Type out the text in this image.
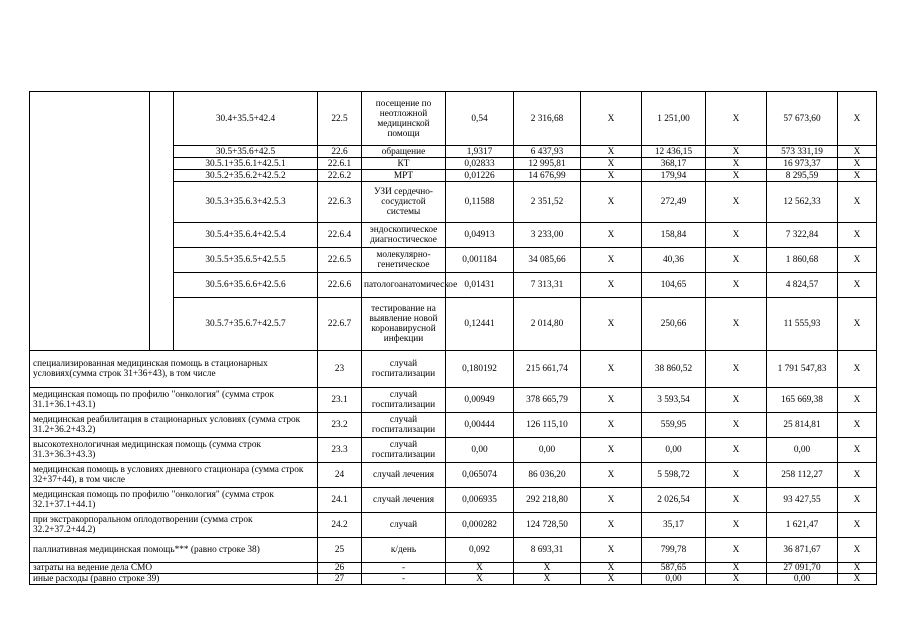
		30.4+35.5+42.4	22.5	посещение по неотложной медицинской помощи	0,54	2 316,68	X	1 251,00	X	57 673,60	X
		30.5+35.6+42.5	22.6	обращение	1,9317	6 437,93	X	12 436,15	X	573 331,19	X
		30.5.1+35.6.1+42.5.1	22.6.1	КТ	0,02833	12 995,81	X	368,17	X	16 973,37	X
		30.5.2+35.6.2+42.5.2	22.6.2	МРТ	0,01226	14 676,99	X	179,94	X	8 295,59	X
		30.5.3+35.6.3+42.5.3	22.6.3	УЗИ сердечно-сосудистой системы	0,11588	2 351,52	X	272,49	X	12 562,33	X
		30.5.4+35.6.4+42.5.4	22.6.4	эндоскопическое диагностическое	0,04913	3 233,00	X	158,84	X	7 322,84	X
		30.5.5+35.6.5+42.5.5	22.6.5	молекулярно-генетическое	0,001184	34 085,66	X	40,36	X	1 860,68	X
		30.5.6+35.6.6+42.5.6	22.6.6	патологоанатомическое	0,01431	7 313,31	X	104,65	X	4 824,57	X
		30.5.7+35.6.7+42.5.7	22.6.7	тестирование на выявление новой коронавирусной инфекции	0,12441	2 014,80	X	250,66	X	11 555,93	X
специализированная медицинская помощь в стационарных условиях(сумма строк 31+36+43), в том числе			23	случай госпитализации	0,180192	215 661,74	X	38 860,52	X	1 791 547,83	X
медицинская помощь по профилю "онкология" (сумма строк 31.1+36.1+43.1)			23.1	случай госпитализации	0,00949	378 665,79	X	3 593,54	X	165 669,38	X
медицинская реабилитация в стационарных условиях (сумма строк 31.2+36.2+43.2)			23.2	случай госпитализации	0,00444	126 115,10	X	559,95	X	25 814,81	X
высокотехнологичная медицинская помощь (сумма строк 31.3+36.3+43.3)			23.3	случай госпитализации	0,00	0,00	X	0,00	X	0,00	X
медицинская помощь в условиях дневного стационара (сумма строк 32+37+44), в том числе			24	случай лечения	0,065074	86 036,20	X	5 598,72	X	258 112,27	X
медицинская помощь по профилю "онкология" (сумма строк 32.1+37.1+44.1)			24.1	случай лечения	0,006935	292 218,80	X	2 026,54	X	93 427,55	X
при экстракорпоральном оплодотворении (сумма строк 32.2+37.2+44.2)			24.2	случай	0,000282	124 728,50	X	35,17	X	1 621,47	X
паллиативная медицинская помощь*** (равно строке 38)			25	к/день	0,092	8 693,31	X	799,78	X	36 871,67	X
затраты на ведение дела СМО			26	-	X	X	X	587,65	X	27 091,70	X
иные расходы (равно строке 39)			27	-	X	X	X	0,00	X	0,00	X
